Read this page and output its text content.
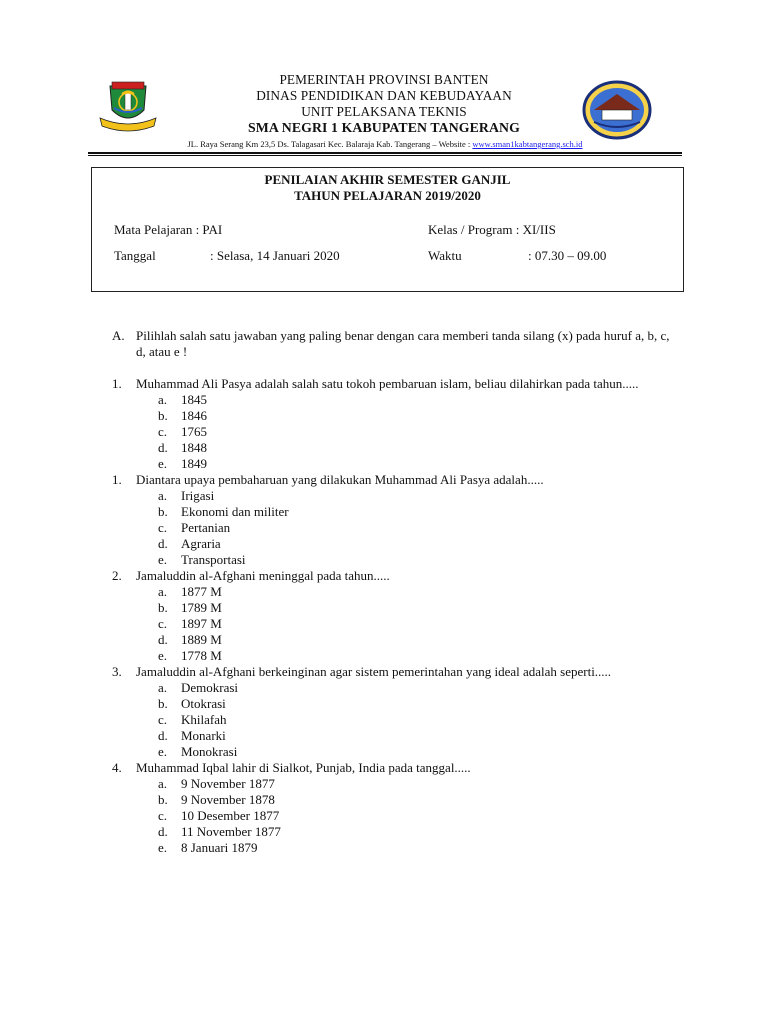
PEMERINTAH PROVINSI BANTEN
DINAS PENDIDIKAN DAN KEBUDAYAAN
UNIT PELAKSANA TEKNIS
SMA NEGRI 1 KABUPATEN TANGERANG
JL. Raya Serang Km 23,5 Ds. Talagasari Kec. Balaraja Kab. Tangerang – Website : www.sman1kabtangerang.sch.id
PENILAIAN AKHIR SEMESTER GANJIL
TAHUN PELAJARAN 2019/2020
Mata Pelajaran : PAI	Kelas / Program : XI/IIS
Tanggal	: Selasa, 14 Januari 2020	Waktu	: 07.30 – 09.00
A. Pilihlah salah satu jawaban yang paling benar dengan cara memberi tanda silang (x) pada huruf a, b, c, d, atau e !
1.	Muhammad Ali Pasya adalah salah satu tokoh pembaruan islam, beliau dilahirkan pada tahun.....
a.	1845
b.	1846
c.	1765
d.	1848
e.	1849
1.	Diantara upaya pembaharuan yang dilakukan Muhammad Ali Pasya adalah.....
a.	Irigasi
b.	Ekonomi dan militer
c.	Pertanian
d.	Agraria
e.	Transportasi
2.	Jamaluddin al-Afghani meninggal pada tahun.....
a.	1877 M
b.	1789 M
c.	1897 M
d.	1889 M
e.	1778 M
3.	Jamaluddin al-Afghani berkeinginan agar sistem pemerintahan yang ideal adalah seperti.....
a.	Demokrasi
b.	Otokrasi
c.	Khilafah
d.	Monarki
e.	Monokrasi
4.	Muhammad Iqbal lahir di Sialkot, Punjab, India pada tanggal.....
a.	9 November 1877
b.	9 November 1878
c.	10 Desember 1877
d.	11 November 1877
e.	8 Januari 1879
